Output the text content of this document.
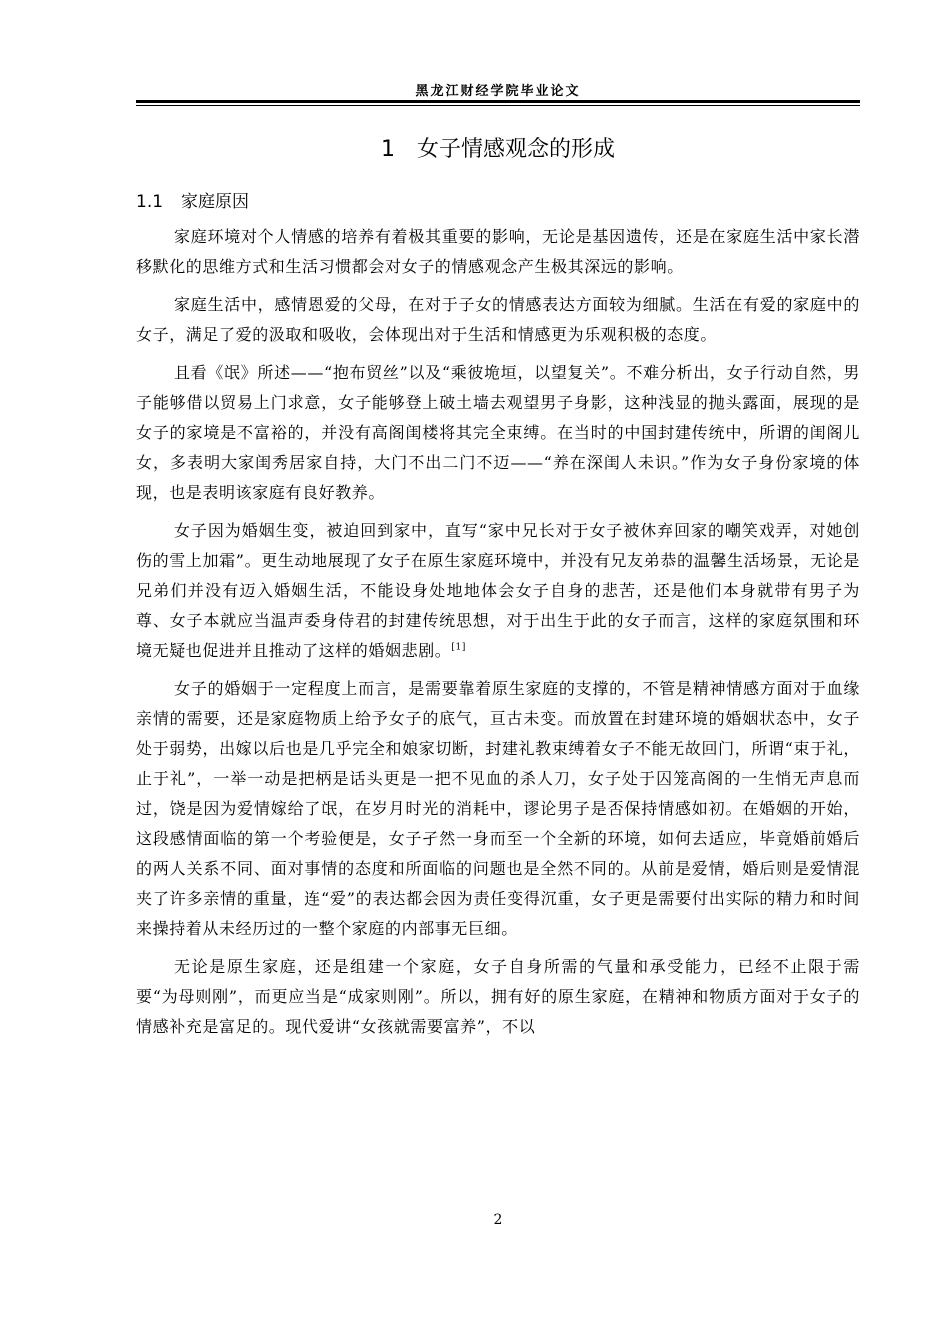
黑龙江财经学院毕业论文
1 女子情感观念的形成
1.1 家庭原因

家庭环境对个人情感的培养有着极其重要的影响，无论是基因遗传，还是在家庭生活中家长潜移默化的思维方式和生活习惯都会对女子的情感观念产生极其深远的影响。

家庭生活中，感情恩爱的父母，在对于子女的情感表达方面较为细腻。生活在有爱的家庭中的女子，满足了爱的汲取和吸收，会体现出对于生活和情感更为乐观积极的态度。

且看《氓》所述——“抱布贸丝”以及“乘彼垝垣，以望复关”。不难分析出，女子行动自然，男子能够借以贸易上门求意，女子能够登上破土墙去观望男子身影，这种浅显的抛头露面，展现的是女子的家境是不富裕的，并没有高阁闺楼将其完全束缚。在当时的中国封建传统中，所谓的闺阁儿女，多表明大家闺秀居家自持，大门不出二门不迈——“养在深闺人未识。”作为女子身份家境的体现，也是表明该家庭有良好教养。

女子因为婚姻生变，被迫回到家中，直写“家中兄长对于女子被休弃回家的嘲笑戏弄，对她创伤的雪上加霜”。更生动地展现了女子在原生家庭环境中，并没有兄友弟恭的温馨生活场景，无论是兄弟们并没有迈入婚姻生活，不能设身处地地体会女子自身的悲苦，还是他们本身就带有男子为尊、女子本就应当温声委身侍君的封建传统思想，对于出生于此的女子而言，这样的家庭氛围和环境无疑也促进并且推动了这样的婚姻悲剧。[1]

女子的婚姻于一定程度上而言，是需要靠着原生家庭的支撑的，不管是精神情感方面对于血缘亲情的需要，还是家庭物质上给予女子的底气，亘古未变。而放置在封建环境的婚姻状态中，女子处于弱势，出嫁以后也是几乎完全和娘家切断，封建礼教束缚着女子不能无故回门，所谓“束于礼，止于礼”，一举一动是把柄是话头更是一把不见血的杀人刀，女子处于囚笼高阁的一生悄无声息而过，饶是因为爱情嫁给了氓，在岁月时光的消耗中，谬论男子是否保持情感如初。在婚姻的开始，这段感情面临的第一个考验便是，女子孑然一身而至一个全新的环境，如何去适应，毕竟婚前婚后的两人关系不同、面对事情的态度和所面临的问题也是全然不同的。从前是爱情，婚后则是爱情混夹了许多亲情的重量，连“爱”的表达都会因为责任变得沉重，女子更是需要付出实际的精力和时间来操持着从未经历过的一整个家庭的内部事无巨细。

无论是原生家庭，还是组建一个家庭，女子自身所需的气量和承受能力，已经不止限于需要“为母则刚”，而更应当是“成家则刚”。所以，拥有好的原生家庭，在精神和物质方面对于女子的情感补充是富足的。现代爱讲“女孩就需要富养”，不以

2
